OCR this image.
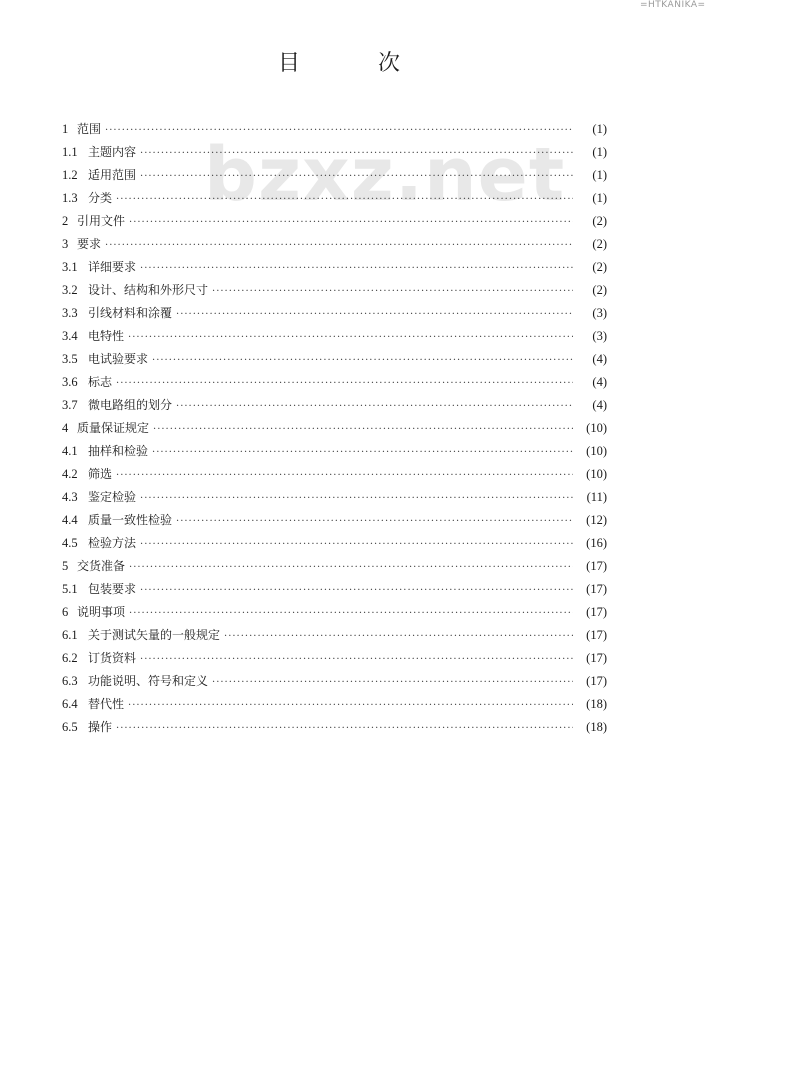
=HTKANIKA=
bzxz.net
目	次
1 范围 ·····	(1)
1.1 主题内容 ·····	(1)
1.2 适用范围 ·····	(1)
1.3 分类 ·····	(1)
2 引用文件 ·····	(2)
3 要求 ·····	(2)
3.1 详细要求 ·····	(2)
3.2 设计、结构和外形尺寸 ·····	(2)
3.3 引线材料和涂覆 ·····	(3)
3.4 电特性 ·····	(3)
3.5 电试验要求 ·····	(4)
3.6 标志 ·····	(4)
3.7 微电路组的划分 ·····	(4)
4 质量保证规定 ·····	(10)
4.1 抽样和检验 ·····	(10)
4.2 筛选 ·····	(10)
4.3 鉴定检验 ·····	(11)
4.4 质量一致性检验 ·····	(12)
4.5 检验方法 ·····	(16)
5 交货准备 ·····	(17)
5.1 包装要求 ·····	(17)
6 说明事项 ·····	(17)
6.1 关于测试矢量的一般规定 ·····	(17)
6.2 订货资料 ·····	(17)
6.3 功能说明、符号和定义 ·····	(17)
6.4 替代性 ·····	(18)
6.5 操作 ·····	(18)
